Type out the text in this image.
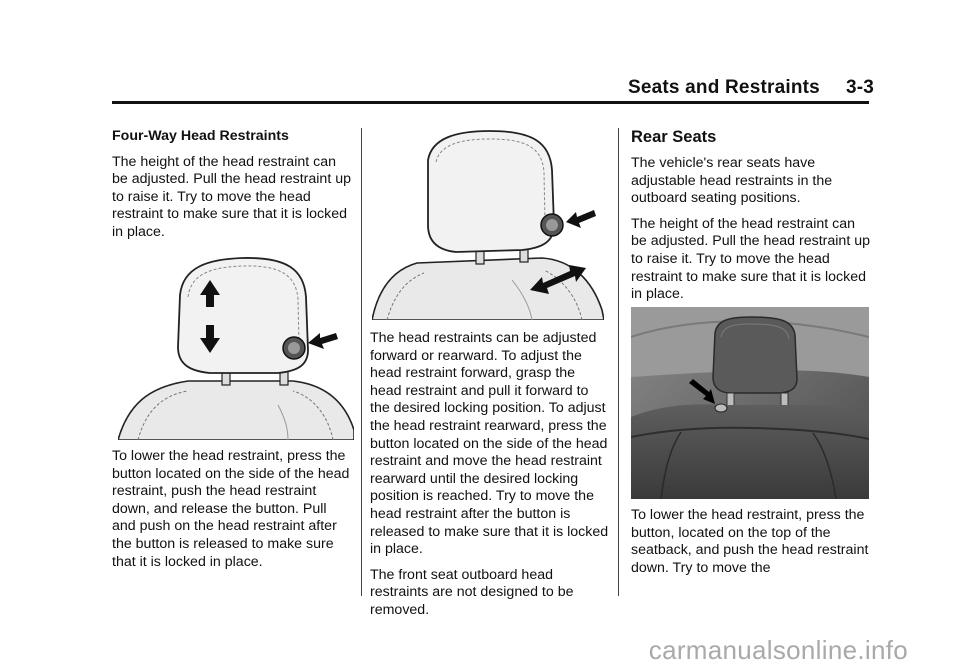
Seats and Restraints 3-3

Four-Way Head Restraints

The height of the head restraint can be adjusted. Pull the head restraint up to raise it. Try to move the head restraint to make sure that it is locked in place.

To lower the head restraint, press the button located on the side of the head restraint, push the head restraint down, and release the button. Pull and push on the head restraint after the button is released to make sure that it is locked in place.

The head restraints can be adjusted forward or rearward. To adjust the head restraint forward, grasp the head restraint and pull it forward to the desired locking position. To adjust the head restraint rearward, press the button located on the side of the head restraint and move the head restraint rearward until the desired locking position is reached. Try to move the head restraint after the button is released to make sure that it is locked in place.

The front seat outboard head restraints are not designed to be removed.

Rear Seats

The vehicle's rear seats have adjustable head restraints in the outboard seating positions.

The height of the head restraint can be adjusted. Pull the head restraint up to raise it. Try to move the head restraint to make sure that it is locked in place.

To lower the head restraint, press the button, located on the top of the seatback, and push the head restraint down. Try to move the

carmanualsonline.info
